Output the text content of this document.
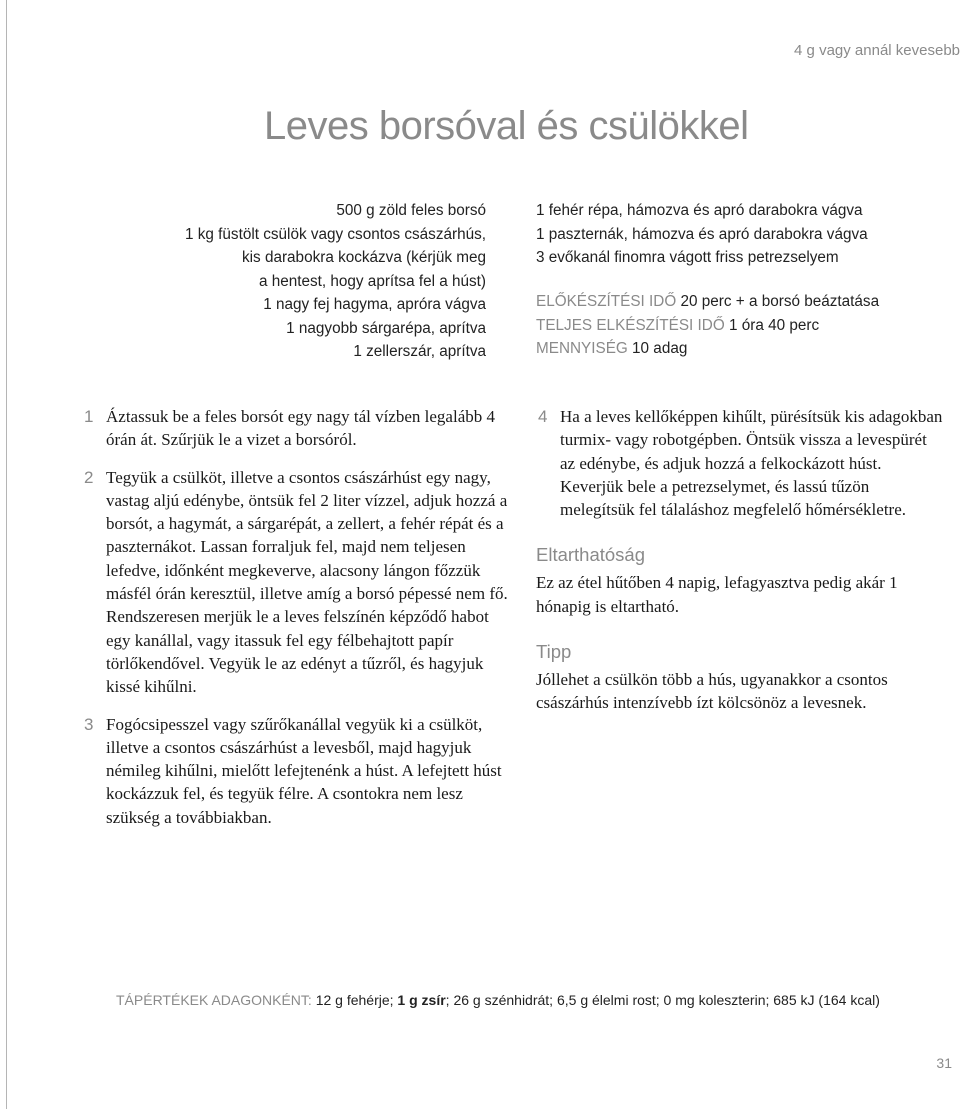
4 g vagy annál kevesebb
Leves borsóval és csülökkel
500 g zöld feles borsó
1 kg füstölt csülök vagy csontos császárhús,
kis darabokra kockázva (kérjük meg
a hentest, hogy aprítsa fel a húst)
1 nagy fej hagyma, apróra vágva
1 nagyobb sárgarépa, aprítva
1 zellerszár, aprítva
1 fehér répa, hámozva és apró darabokra vágva
1 paszternák, hámozva és apró darabokra vágva
3 evőkanál finomra vágott friss petrezselyem
ELŐKÉSZÍTÉSI IDŐ 20 perc + a borsó beáztatása
TELJES ELKÉSZÍTÉSI IDŐ 1 óra 40 perc
MENNYISÉG 10 adag
1 Áztassuk be a feles borsót egy nagy tál vízben legalább 4 órán át. Szűrjük le a vizet a borsóról.
2 Tegyük a csülköt, illetve a csontos császárhúst egy nagy, vastag aljú edénybe, öntsük fel 2 liter vízzel, adjuk hozzá a borsót, a hagymát, a sárgarépát, a zellert, a fehér répát és a paszternákot. Lassan forraljuk fel, majd nem teljesen lefedve, időnként megkeverve, alacsony lángon főzzük másfél órán keresztül, illetve amíg a borsó pépessé nem fő. Rendszeresen merjük le a leves felszínén képződő habot egy kanállal, vagy itassuk fel egy félbehajtott papír törlőkendővel. Vegyük le az edényt a tűzről, és hagyjuk kissé kihűlni.
3 Fogócsipesszel vagy szűrőkanállal vegyük ki a csülköt, illetve a csontos császárhúst a levesből, majd hagyjuk némileg kihűlni, mielőtt lefejtenénk a húst. A lefejtett húst kockázzuk fel, és tegyük félre. A csontokra nem lesz szükség a továbbiakban.
4 Ha a leves kellőképpen kihűlt, pürésítsük kis adagokban turmix- vagy robotgépben. Öntsük vissza a levespürét az edénybe, és adjuk hozzá a felkockázott húst. Keverjük bele a petrezselymet, és lassú tűzön melegítsük fel tálaláshoz megfelelő hőmérsékletre.
Eltarthatóság
Ez az étel hűtőben 4 napig, lefagyasztva pedig akár 1 hónapig is eltartható.
Tipp
Jóllehet a csülkön több a hús, ugyanakkor a csontos császárhús intenzívebb ízt kölcsönöz a levesnek.
TÁPÉRTÉKEK ADAGONKÉNT: 12 g fehérje; 1 g zsír; 26 g szénhidrát; 6,5 g élelmi rost; 0 mg koleszterin; 685 kJ (164 kcal)
31
